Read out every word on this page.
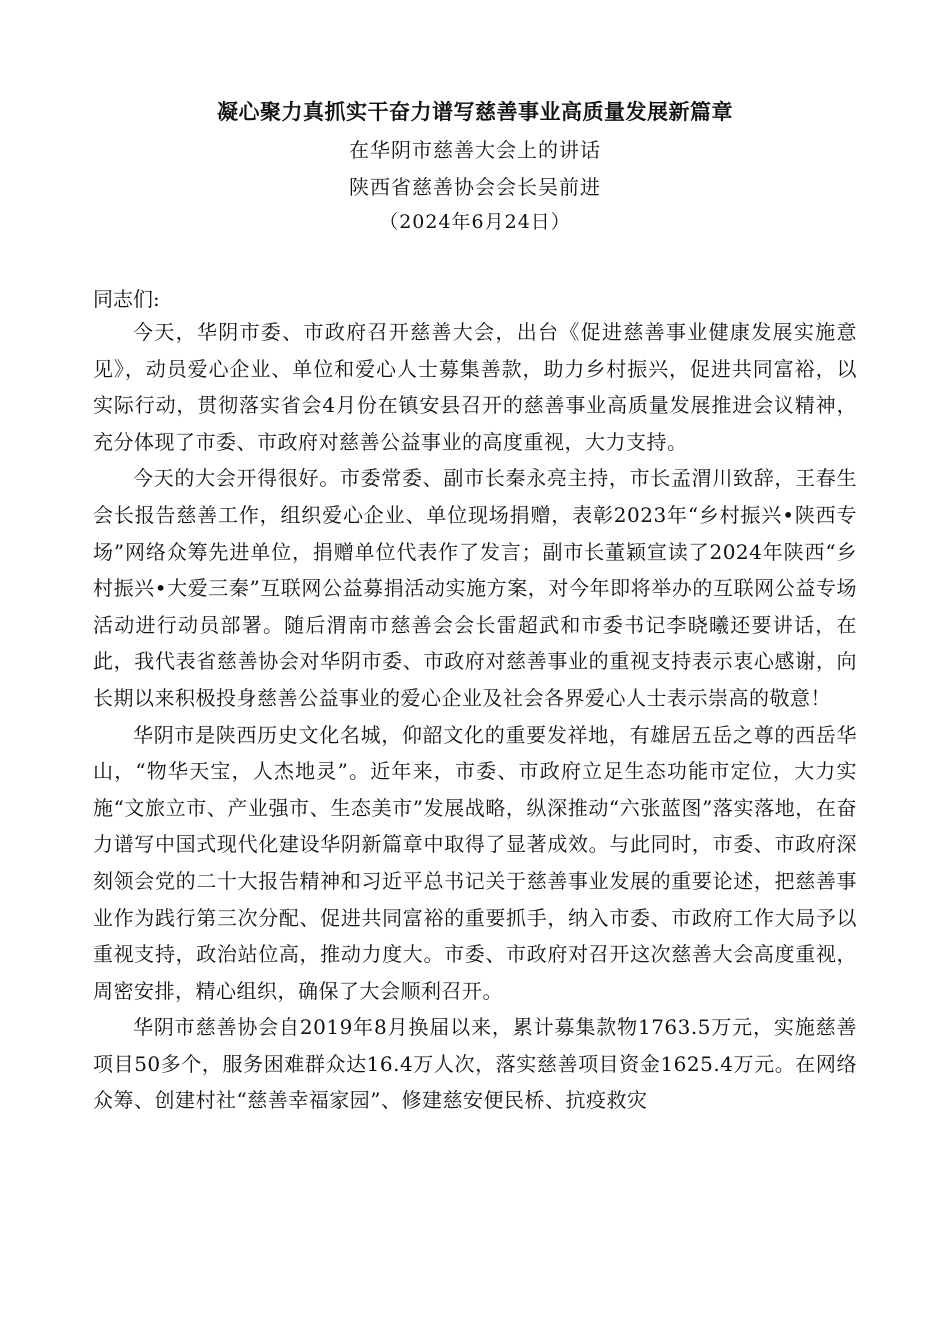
凝心聚力真抓实干奋力谱写慈善事业高质量发展新篇章
在华阴市慈善大会上的讲话
陕西省慈善协会会长吴前进
（2024年6月24日）
同志们:

今天，华阴市委、市政府召开慈善大会，出台《促进慈善事业健康发展实施意见》，动员爱心企业、单位和爱心人士募集善款，助力乡村振兴，促进共同富裕，以实际行动，贯彻落实省会4月份在镇安县召开的慈善事业高质量发展推进会议精神，充分体现了市委、市政府对慈善公益事业的高度重视，大力支持。

今天的大会开得很好。市委常委、副市长秦永亮主持，市长孟渭川致辞，王春生会长报告慈善工作，组织爱心企业、单位现场捐赠，表彰2023年“乡村振兴•陕西专场”网络众筹先进单位，捐赠单位代表作了发言；副市长董颖宣读了2024年陕西“乡村振兴•大爱三秦”互联网公益募捐活动实施方案，对今年即将举办的互联网公益专场活动进行动员部署。随后渭南市慈善会会长雷超武和市委书记李晓曦还要讲话，在此，我代表省慈善协会对华阴市委、市政府对慈善事业的重视支持表示衷心感谢，向长期以来积极投身慈善公益事业的爱心企业及社会各界爱心人士表示崇高的敬意！

华阴市是陕西历史文化名城，仰韶文化的重要发祥地，有雄居五岳之尊的西岳华山，“物华天宝，人杰地灵”。近年来，市委、市政府立足生态功能市定位，大力实施“文旅立市、产业强市、生态美市”发展战略，纵深推动“六张蓝图”落实落地，在奋力谱写中国式现代化建设华阴新篇章中取得了显著成效。与此同时，市委、市政府深刻领会党的二十大报告精神和习近平总书记关于慈善事业发展的重要论述，把慈善事业作为践行第三次分配、促进共同富裕的重要抓手，纳入市委、市政府工作大局予以重视支持，政治站位高，推动力度大。市委、市政府对召开这次慈善大会高度重视，周密安排，精心组织，确保了大会顺利召开。

华阴市慈善协会自2019年8月换届以来，累计募集款物1763.5万元，实施慈善项目50多个，服务困难群众达16.4万人次，落实慈善项目资金1625.4万元。在网络众筹、创建村社“慈善幸福家园”、修建慈安便民桥、抗疫救灾
